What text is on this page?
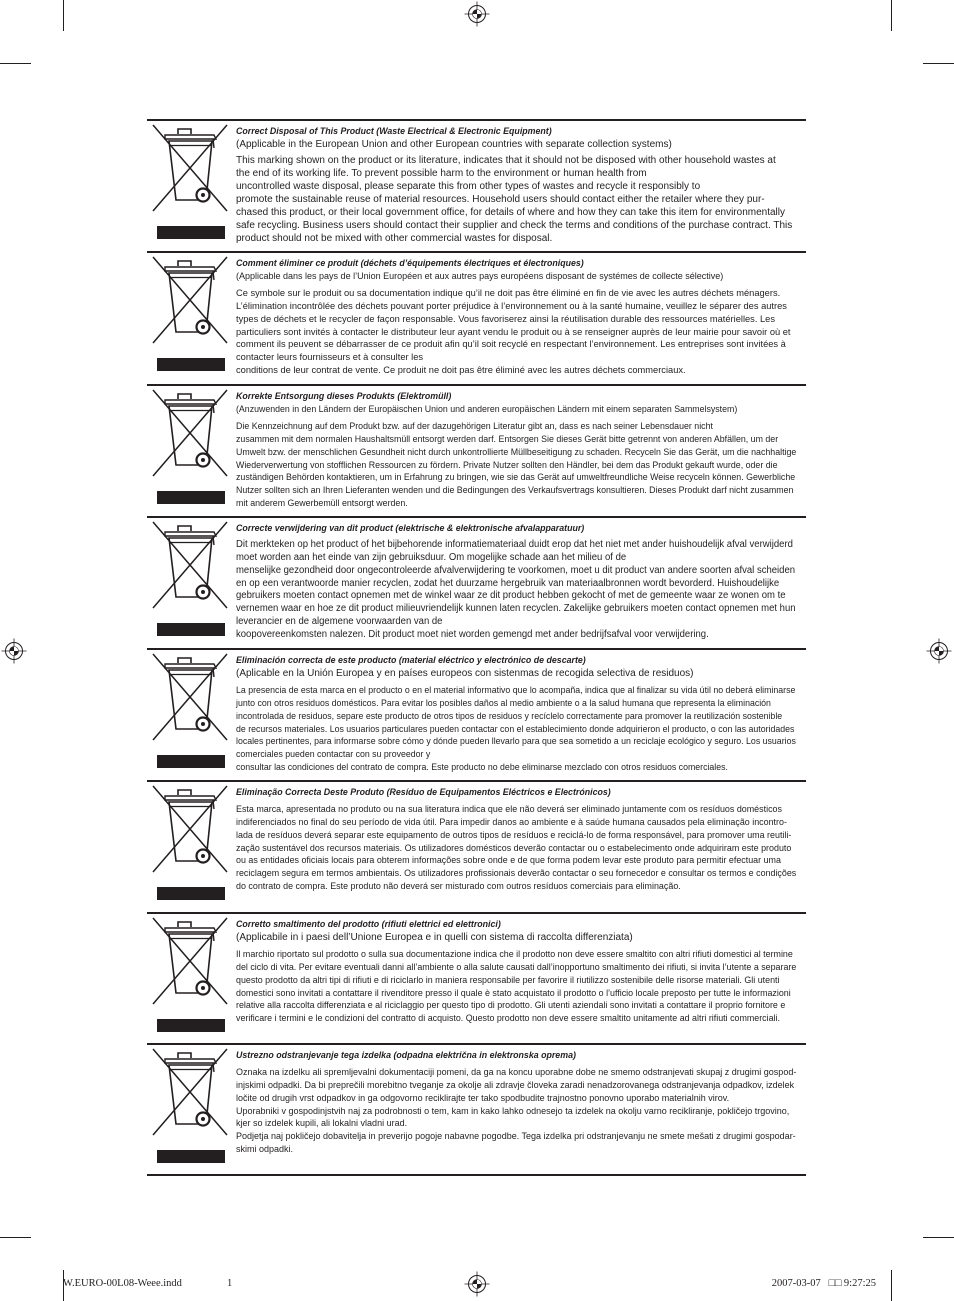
Correct Disposal of This Product (Waste Electrical & Electronic Equipment)
(Applicable in the European Union and other European countries with separate collection systems)
This marking shown on the product or its literature, indicates that it should not be disposed with other household wastes at
the end of its working life. To prevent possible harm to the environment or human health from
uncontrolled waste disposal, please separate this from other types of wastes and recycle it responsibly to
promote the sustainable reuse of material resources. Household users should contact either the retailer where they pur-
chased this product, or their local government office, for details of where and how they can take this item for environmentally
safe recycling. Business users should contact their supplier and check the terms and conditions of the purchase contract. This
product should not be mixed with other commercial wastes for disposal.
Comment éliminer ce produit (déchets d’équipements électriques et électroniques)
(Applicable dans les pays de l’Union Européen et aux autres pays européens disposant de systémes de collecte sélective)
Ce symbole sur le produit ou sa documentation indique qu’il ne doit pas être éliminé en fin de vie avec les autres déchets ménagers.
L’élimination incontrôlée des déchets pouvant porter préjudice à l’environnement ou à la santé humaine, veuillez le séparer des autres
types de déchets et le recycler de façon responsable. Vous favoriserez ainsi la réutilisation durable des ressources matérielles. Les
particuliers sont invités à contacter le distributeur leur ayant vendu le produit ou à se renseigner auprès de leur mairie pour savoir où et
comment ils peuvent se débarrasser de ce produit afin qu’il soit recyclé en respectant l’environnement. Les entreprises sont invitées à
contacter leurs fournisseurs et à consulter les
conditions de leur contrat de vente. Ce produit ne doit pas être éliminé avec les autres déchets commerciaux.
Korrekte Entsorgung dieses Produkts (Elektromüll)
(Anzuwenden in den Ländern der Europäischen Union und anderen europäischen Ländern mit einem separaten Sammelsystem)
Die Kennzeichnung auf dem Produkt bzw. auf der dazugehörigen Literatur gibt an, dass es nach seiner Lebensdauer nicht
zusammen mit dem normalen Haushaltsmüll entsorgt werden darf. Entsorgen Sie dieses Gerät bitte getrennt von anderen Abfällen, um der
Umwelt bzw. der menschlichen Gesundheit nicht durch unkontrollierte Müllbeseitigung zu schaden. Recyceln Sie das Gerät, um die nachhaltige
Wiederverwertung von stofflichen Ressourcen zu fördern. Private Nutzer sollten den Händler, bei dem das Produkt gekauft wurde, oder die
zuständigen Behörden kontaktieren, um in Erfahrung zu bringen, wie sie das Gerät auf umweltfreundliche Weise recyceln können. Gewerbliche
Nutzer sollten sich an Ihren Lieferanten wenden und die Bedingungen des Verkaufsvertrags konsultieren. Dieses Produkt darf nicht zusammen
mit anderem Gewerbemüll entsorgt werden.
Correcte verwijdering van dit product (elektrische & elektronische afvalapparatuur)
Dit merkteken op het product of het bijbehorende informatiemateriaal duidt erop dat het niet met ander huishoudelijk afval verwijderd
moet worden aan het einde van zijn gebruiksduur. Om mogelijke schade aan het milieu of de
menselijke gezondheid door ongecontroleerde afvalverwijdering te voorkomen, moet u dit product van andere soorten afval scheiden
en op een verantwoorde manier recyclen, zodat het duurzame hergebruik van materiaalbronnen wordt bevorderd. Huishoudelijke
gebruikers moeten contact opnemen met de winkel waar ze dit product hebben gekocht of met de gemeente waar ze wonen om te
vernemen waar en hoe ze dit product milieuvriendelijk kunnen laten recyclen. Zakelijke gebruikers moeten contact opnemen met hun
leverancier en de algemene voorwaarden van de
koopovereenkomsten nalezen. Dit product moet niet worden gemengd met ander bedrijfsafval voor verwijdering.
Eliminación correcta de este producto (material eléctrico y electrónico de descarte)
(Aplicable en la Unión Europea y en países europeos con sistenmas de recogida selectiva de residuos)
La presencia de esta marca en el producto o en el material informativo que lo acompaña, indica que al finalizar su vida útil no deberá eliminarse
junto con otros residuos domésticos. Para evitar los posibles daños al medio ambiente o a la salud humana que representa la eliminación
incontrolada de residuos, separe este producto de otros tipos de residuos y recíclelo correctamente para promover la reutilización sostenible
de recursos materiales. Los usuarios particulares pueden contactar con el establecimiento donde adquirieron el producto, o con las autoridades
locales pertinentes, para informarse sobre cómo y dónde pueden llevarlo para que sea sometido a un reciclaje ecológico y seguro. Los usuarios
comerciales pueden contactar con su proveedor y
consultar las condiciones del contrato de compra. Este producto no debe eliminarse mezclado con otros residuos comerciales.
Eliminação Correcta Deste Produto (Resíduo de Equipamentos Eléctricos e Electrónicos)
Esta marca, apresentada no produto ou na sua literatura indica que ele não deverá ser eliminado juntamente com os resíduos domésticos
indiferenciados no final do seu período de vida útil. Para impedir danos ao ambiente e à saúde humana causados pela eliminação incontro-
lada de resíduos deverá separar este equipamento de outros tipos de resíduos e reciclá-lo de forma responsável, para promover uma reutili-
zação sustentável dos recursos materiais. Os utilizadores domésticos deverão contactar ou o estabelecimento onde adquiriram este produto
ou as entidades oficiais locais para obterem informações sobre onde e de que forma podem levar este produto para permitir efectuar uma
reciclagem segura em termos ambientais. Os utilizadores profissionais deverão contactar o seu fornecedor e consultar os termos e condições
do contrato de compra. Este produto não deverá ser misturado com outros resíduos comerciais para eliminação.
Corretto smaltimento del prodotto (rifiuti elettrici ed elettronici)
(Applicabile in i paesi dell’Unione Europea e in quelli con sistema di raccolta differenziata)
Il marchio riportato sul prodotto o sulla sua documentazione indica che il prodotto non deve essere smaltito con altri rifiuti domestici al termine
del ciclo di vita. Per evitare eventuali danni all’ambiente o alla salute causati dall’inopportuno smaltimento dei rifiuti, si invita l’utente a separare
questo prodotto da altri tipi di rifiuti e di riciclarlo in maniera responsabile per favorire il riutilizzo sostenibile delle risorse materiali. Gli utenti
domestici sono invitati a contattare il rivenditore presso il quale è stato acquistato il prodotto o l’ufficio locale preposto per tutte le informazioni
relative alla raccolta differenziata e al riciclaggio per questo tipo di prodotto. Gli utenti aziendali sono invitati a contattare il proprio fornitore e
verificare i termini e le condizioni del contratto di acquisto. Questo prodotto non deve essere smaltito unitamente ad altri rifiuti commerciali.
Ustrezno odstranjevanje tega izdelka (odpadna električna in elektronska oprema)
Oznaka na izdelku ali spremljevalni dokumentaciji pomeni, da ga na koncu uporabne dobe ne smemo odstranjevati skupaj z drugimi gospod-
injskimi odpadki. Da bi preprečili morebitno tveganje za okolje ali zdravje človeka zaradi nenadzorovanega odstranjevanja odpadkov, izdelek
ločite od drugih vrst odpadkov in ga odgovorno reciklirajte ter tako spodbudite trajnostno ponovno uporabo materialnih virov.
Uporabniki v gospodinjstvih naj za podrobnosti o tem, kam in kako lahko odnesejo ta izdelek na okolju varno recikliranje, pokličejo trgovino,
kjer so izdelek kupili, ali lokalni vladni urad.
Podjetja naj pokličejo dobavitelja in preverijo pogoje nabavne pogodbe. Tega izdelka pri odstranjevanju ne smete mešati z drugimi gospodar-
skimi odpadki.
W.EURO-00L08-Weee.indd	1	2007-03-07   □□ 9:27:25
